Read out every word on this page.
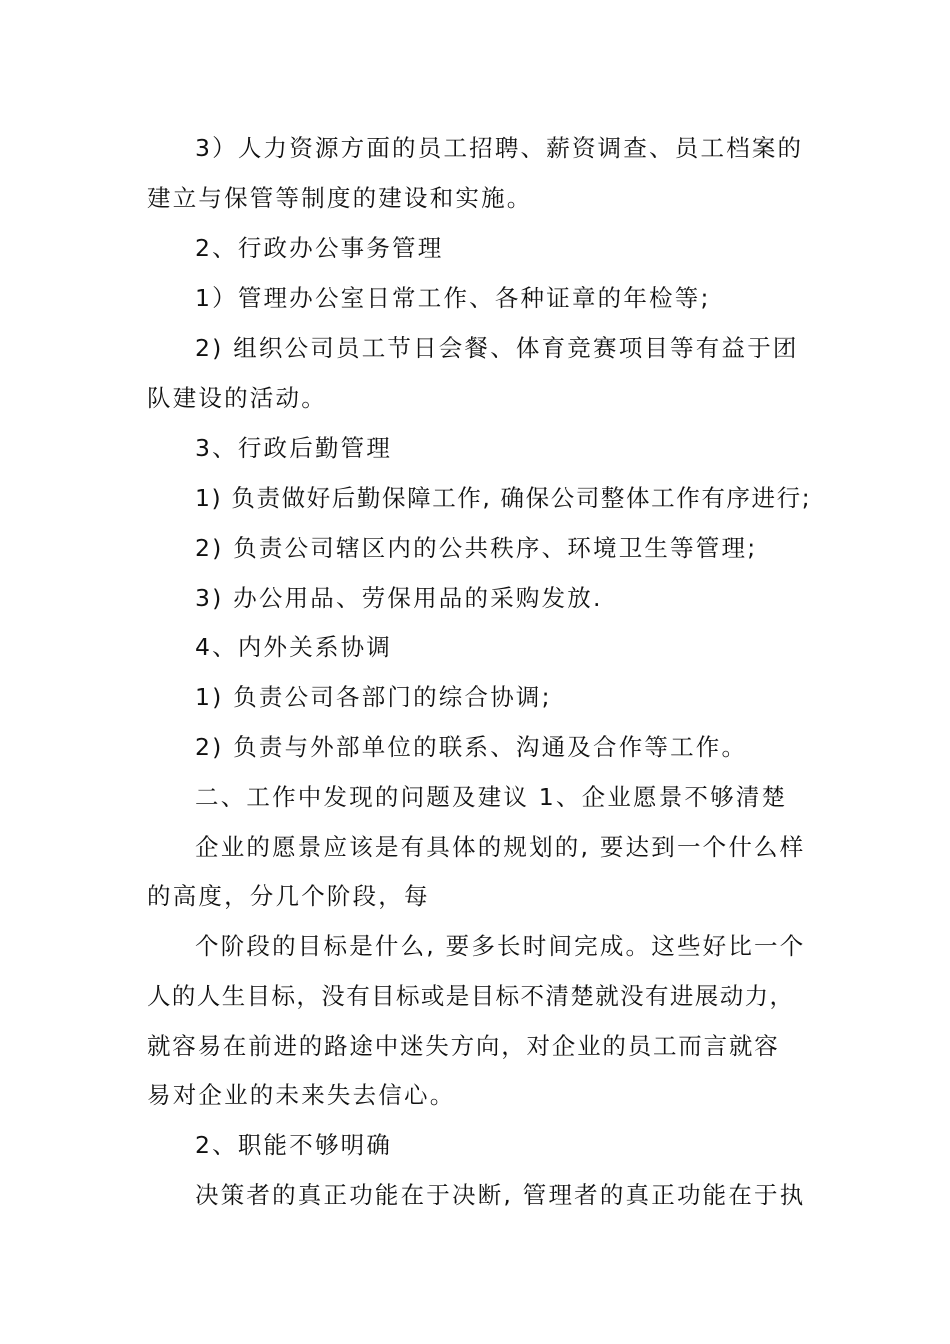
3）人力资源方面的员工招聘、薪资调查、员工档案的
建立与保管等制度的建设和实施。
2、行政办公事务管理
1）管理办公室日常工作、各种证章的年检等;
2) 组织公司员工节日会餐、体育竞赛项目等有益于团
队建设的活动。
3、行政后勤管理
1) 负责做好后勤保障工作, 确保公司整体工作有序进行;
2) 负责公司辖区内的公共秩序、环境卫生等管理;
3) 办公用品、劳保用品的采购发放.
4、内外关系协调
1) 负责公司各部门的综合协调;
2) 负责与外部单位的联系、沟通及合作等工作。
二、工作中发现的问题及建议 1、企业愿景不够清楚
企业的愿景应该是有具体的规划的, 要达到一个什么样
的高度，分几个阶段，每
个阶段的目标是什么, 要多长时间完成。这些好比一个
人的人生目标，没有目标或是目标不清楚就没有进展动力，
就容易在前进的路途中迷失方向，对企业的员工而言就容
易对企业的未来失去信心。
2、职能不够明确
决策者的真正功能在于决断, 管理者的真正功能在于执
